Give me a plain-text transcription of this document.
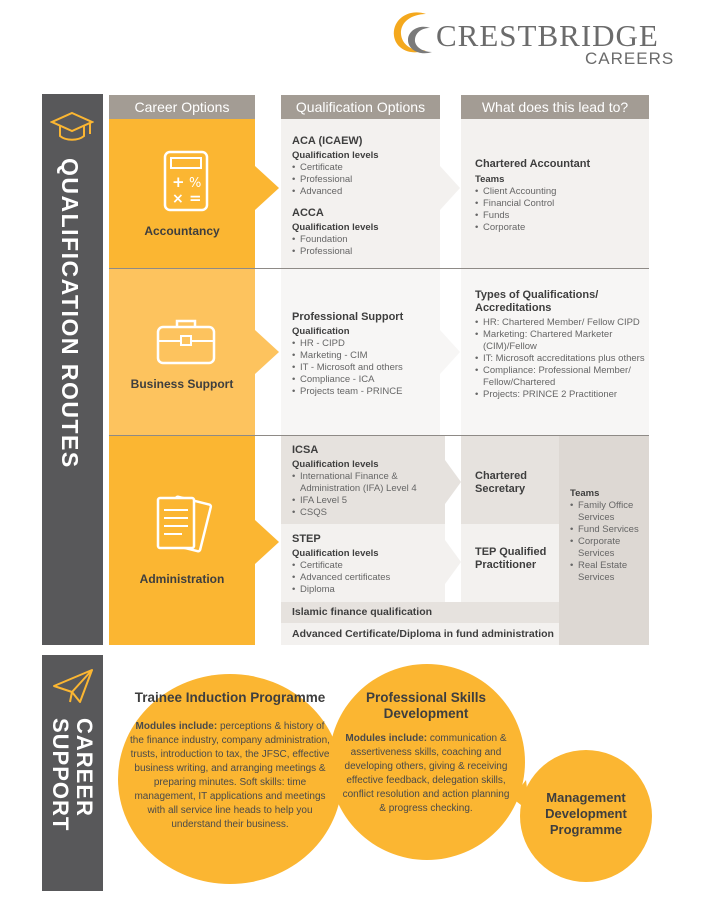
CRESTBRIDGE
CAREERS
QUALIFICATION ROUTES
CAREER
SUPPORT
Career Options	Qualification Options	What does this lead to?
+ %
× =
Accountancy
ACA (ICAEW)
Qualification levels
• Certificate
• Professional
• Advanced
ACCA
Qualification levels
• Foundation
• Professional
Chartered Accountant
Teams
• Client Accounting
• Financial Control
• Funds
• Corporate
Business Support
Professional Support
Qualification
• HR - CIPD
• Marketing - CIM
• IT - Microsoft and others
• Compliance - ICA
• Projects team - PRINCE
Types of Qualifications/ Accreditations
• HR: Chartered Member/ Fellow CIPD
• Marketing: Chartered Marketer (CIM)/Fellow
• IT: Microsoft accreditations plus others
• Compliance: Professional Member/ Fellow/Chartered
• Projects: PRINCE 2 Practitioner
Administration
ICSA
Qualification levels
• International Finance & Administration (IFA) Level 4
• IFA Level 5
• CSQS
STEP
Qualification levels
• Certificate
• Advanced certificates
• Diploma
Chartered Secretary
TEP Qualified Practitioner
Teams
• Family Office Services
• Fund Services
• Corporate Services
• Real Estate Services
Islamic finance qualification
Advanced Certificate/Diploma in fund administration
Trainee Induction Programme
Modules include: perceptions & history of the finance industry, company administration, trusts, introduction to tax, the JFSC, effective business writing, and arranging meetings & preparing minutes. Soft skills: time management, IT applications and meetings with all service line heads to help you understand their business.
Professional Skills Development
Modules include: communication & assertiveness skills, coaching and developing others, giving & receiving effective feedback, delegation skills, conflict resolution and action planning & progress checking.
Management Development Programme
